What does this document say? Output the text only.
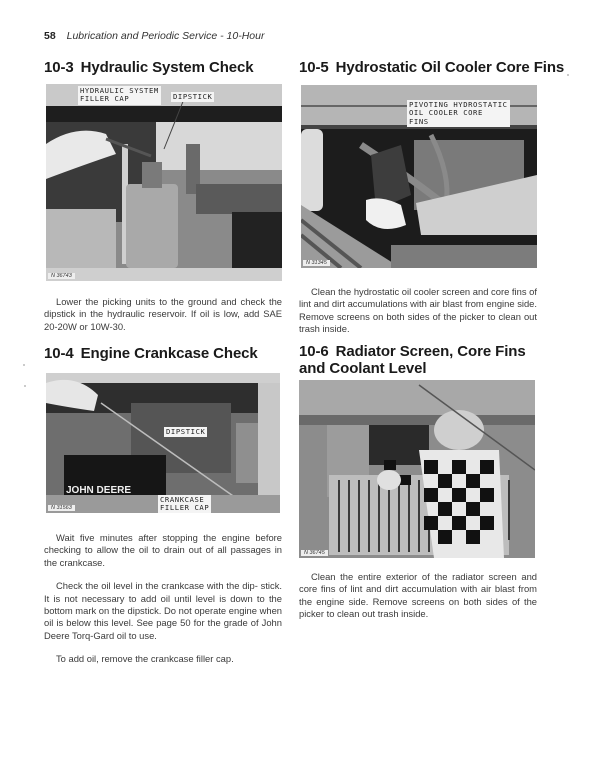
58 Lubrication and Periodic Service - 10-Hour
10-3 Hydraulic System Check
HYDRAULIC SYSTEM
FILLER CAP	DIPSTICK
N 36743

Lower the picking units to the ground and check the dipstick in the hydraulic reservoir. If oil is low, add SAE 20-20W or 10W-30.

10-4 Engine Crankcase Check
JOHN DEERE
DIPSTICK
CRANKCASE
FILLER CAP
N 31563

Wait five minutes after stopping the engine before checking to allow the oil to drain out of all passages in the crankcase.

Check the oil level in the crankcase with the dip- stick. It is not necessary to add oil until level is down to the bottom mark on the dipstick. Do not operate engine when oil is below this level. See page 50 for the grade of John Deere Torq-Gard oil to use.

To add oil, remove the crankcase filler cap.

10-5 Hydrostatic Oil Cooler Core Fins
PIVOTING HYDROSTATIC
OIL COOLER CORE
FINS
N 31345

Clean the hydrostatic oil cooler screen and core fins of lint and dirt accumulations with air blast from engine side. Remove screens on both sides of the picker to clean out trash inside.

10-6 Radiator Screen, Core Fins
and Coolant Level
N 36745

Clean the entire exterior of the radiator screen and core fins of lint and dirt accumulation with air blast from the engine side. Remove screens on both sides of the picker to clean out trash inside.
